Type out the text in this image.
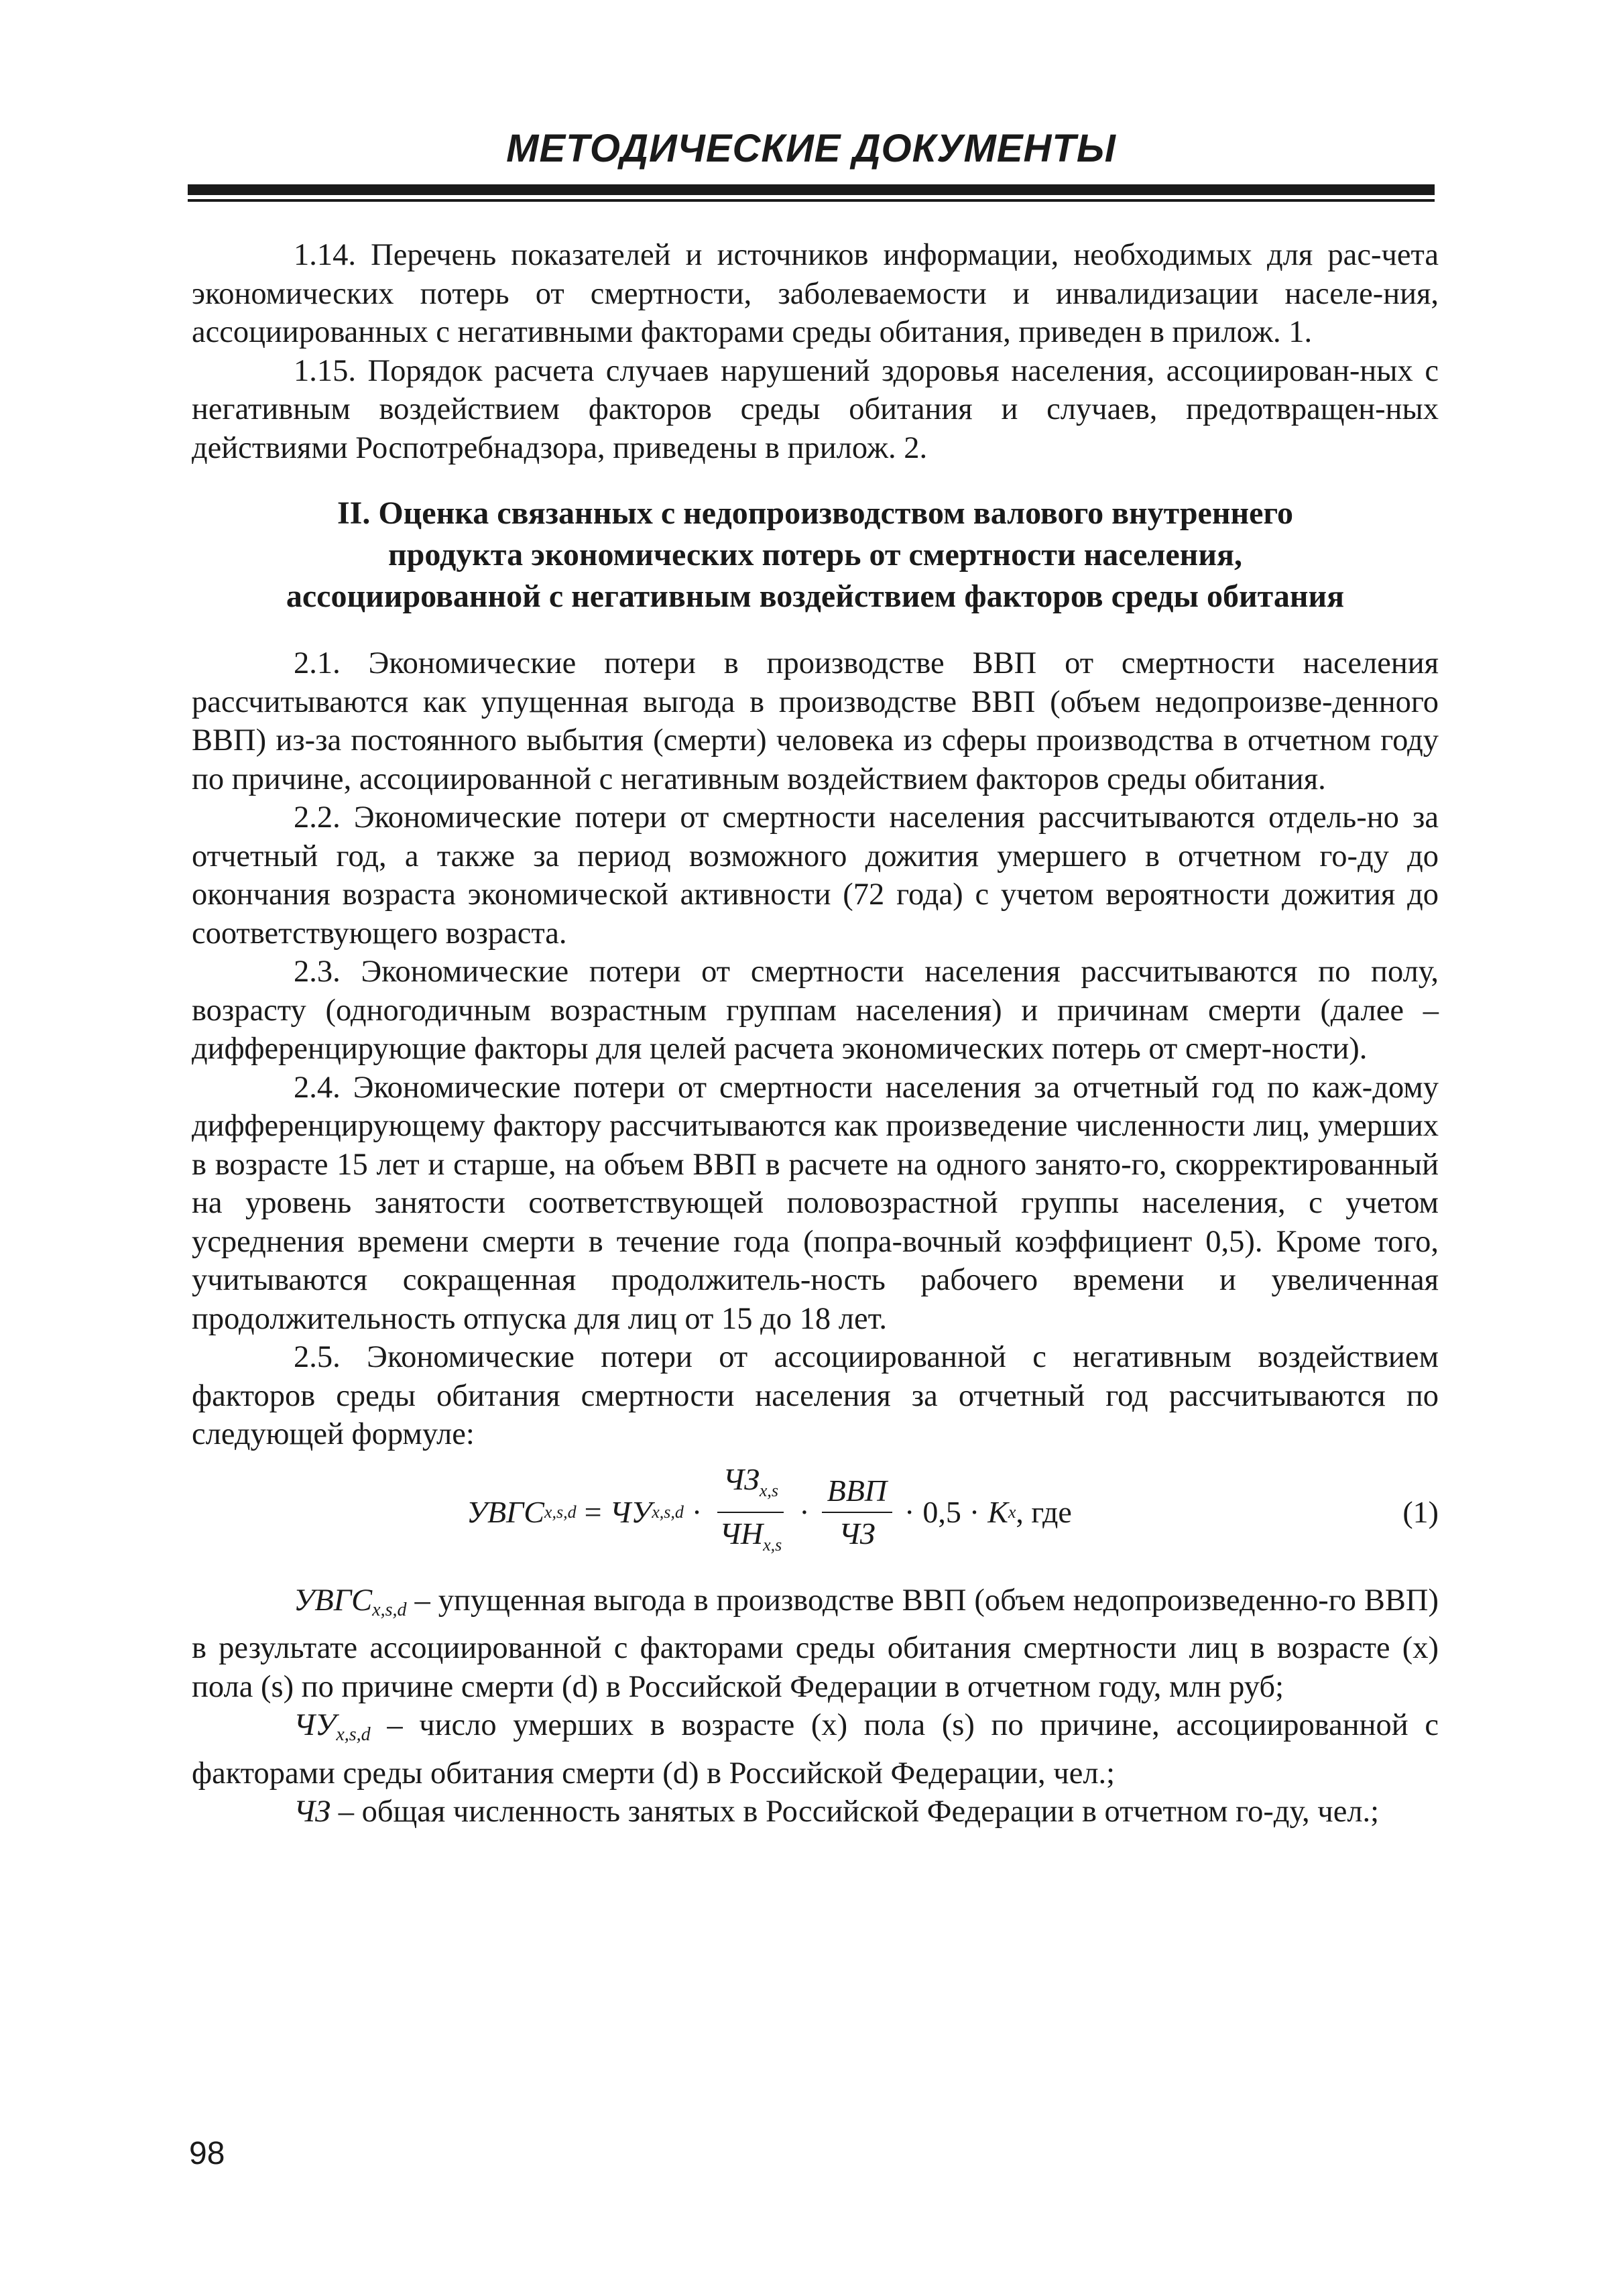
МЕТОДИЧЕСКИЕ ДОКУМЕНТЫ

1.14. Перечень показателей и источников информации, необходимых для рас-чета экономических потерь от смертности, заболеваемости и инвалидизации населе-ния, ассоциированных с негативными факторами среды обитания, приведен в прилож. 1.

1.15. Порядок расчета случаев нарушений здоровья населения, ассоциирован-ных с негативным воздействием факторов среды обитания и случаев, предотвращен-ных действиями Роспотребнадзора, приведены в прилож. 2.

II. Оценка связанных с недопроизводством валового внутреннего
продукта экономических потерь от смертности населения,
ассоциированной с негативным воздействием факторов среды обитания

2.1. Экономические потери в производстве ВВП от смертности населения рассчитываются как упущенная выгода в производстве ВВП (объем недопроизве-денного ВВП) из-за постоянного выбытия (смерти) человека из сферы производства в отчетном году по причине, ассоциированной с негативным воздействием факторов среды обитания.

2.2. Экономические потери от смертности населения рассчитываются отдель-но за отчетный год, а также за период возможного дожития умершего в отчетном го-ду до окончания возраста экономической активности (72 года) с учетом вероятности дожития до соответствующего возраста.

2.3. Экономические потери от смертности населения рассчитываются по полу, возрасту (одногодичным возрастным группам населения) и причинам смерти (далее – дифференцирующие факторы для целей расчета экономических потерь от смерт-ности).

2.4. Экономические потери от смертности населения за отчетный год по каж-дому дифференцирующему фактору рассчитываются как произведение численности лиц, умерших в возрасте 15 лет и старше, на объем ВВП в расчете на одного занято-го, скорректированный на уровень занятости соответствующей половозрастной группы населения, с учетом усреднения времени смерти в течение года (попра-вочный коэффициент 0,5). Кроме того, учитываются сокращенная продолжитель-ность рабочего времени и увеличенная продолжительность отпуска для лиц от 15 до 18 лет.

2.5. Экономические потери от ассоциированной с негативным воздействием факторов среды обитания смертности населения за отчетный год рассчитываются по следующей формуле:

УВГС x,s,d = ЧУ $x,s,d \cdot \frac{ЧЗ_{x,s}}{ЧН_{x,s}} \cdot \frac{\text{ВВП}}{ЧЗ} \cdot 0,5 \cdot K$ x , где	(1)

$УВГС_{x,s,d}$ – упущенная выгода в производстве ВВП (объем недопроизведенно-го ВВП) в результате ассоциированной с факторами среды обитания смертности лиц в возрасте (x) пола (s) по причине смерти (d) в Российской Федерации в отчетном году, млн руб;

$ЧУ_{x,s,d}$ – число умерших в возрасте (x) пола (s) по причине, ассоциированной с факторами среды обитания смерти (d) в Российской Федерации, чел.;

ЧЗ – общая численность занятых в Российской Федерации в отчетном го-ду, чел.;

98
